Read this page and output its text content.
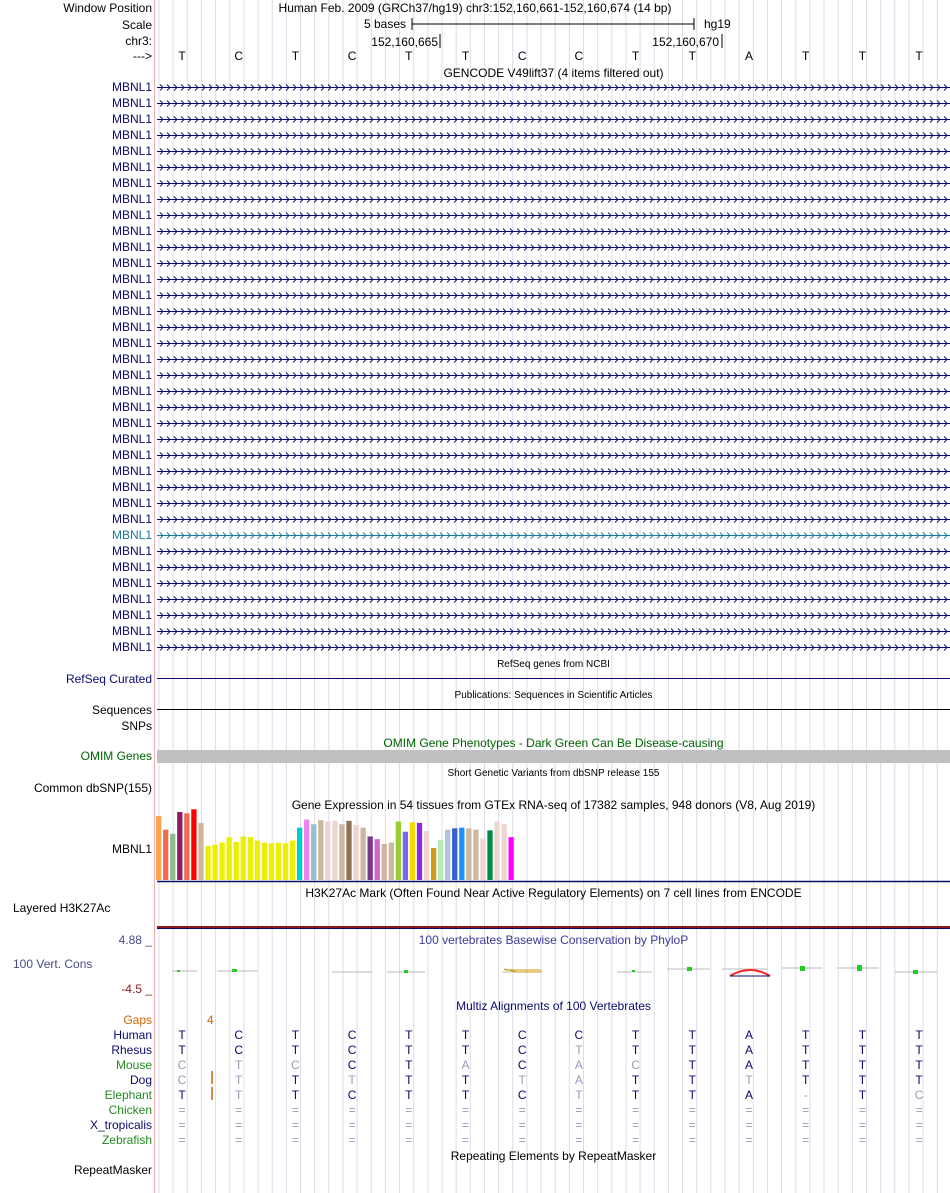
Window Position	Human Feb. 2009 (GRCh37/hg19) chr3:152,160,661-152,160,674 (14 bp)
Scale	5 bases	hg19
chr3:	152,160,665	152,160,670
--->	T	C	T	C	T	T	C	C	T	T	A	T	T	T
GENCODE V49lift37 (4 items filtered out)
MBNL1
MBNL1
MBNL1
MBNL1
MBNL1
MBNL1
MBNL1
MBNL1
MBNL1
MBNL1
MBNL1
MBNL1
MBNL1
MBNL1
MBNL1
MBNL1
MBNL1
MBNL1
MBNL1
MBNL1
MBNL1
MBNL1
MBNL1
MBNL1
MBNL1
MBNL1
MBNL1
MBNL1
MBNL1
MBNL1
MBNL1
MBNL1
MBNL1
MBNL1
MBNL1
MBNL1
RefSeq genes from NCBI
RefSeq Curated
Publications: Sequences in Scientific Articles
Sequences
SNPs
OMIM Gene Phenotypes - Dark Green Can Be Disease-causing
OMIM Genes
Short Genetic Variants from dbSNP release 155
Common dbSNP(155)
Gene Expression in 54 tissues from GTEx RNA-seq of 17382 samples, 948 donors (V8, Aug 2019)
MBNL1
H3K27Ac Mark (Often Found Near Active Regulatory Elements) on 7 cell lines from ENCODE
Layered H3K27Ac
100 vertebrates Basewise Conservation by PhyloP
4.88 _
100 Vert. Cons
-4.5 _
Multiz Alignments of 100 Vertebrates
Gaps	4
Human	T	C	T	C	T	T	C	C	T	T	A	T	T	T
Rhesus	T	C	T	C	T	T	C	T	T	T	A	T	T	T
Mouse	C	T	C	C	T	A	C	A	C	T	A	T	T	T
Dog	C	T	T	T	T	T	T	A	T	T	T	T	T	T
Elephant	T	T	T	C	T	T	C	T	T	T	A	-	T	C
Chicken	=	=	=	=	=	=	=	=	=	=	=	=	=	=
X_tropicalis	=	=	=	=	=	=	=	=	=	=	=	=	=	=
Zebrafish	=	=	=	=	=	=	=	=	=	=	=	=	=	=
Repeating Elements by RepeatMasker
RepeatMasker
